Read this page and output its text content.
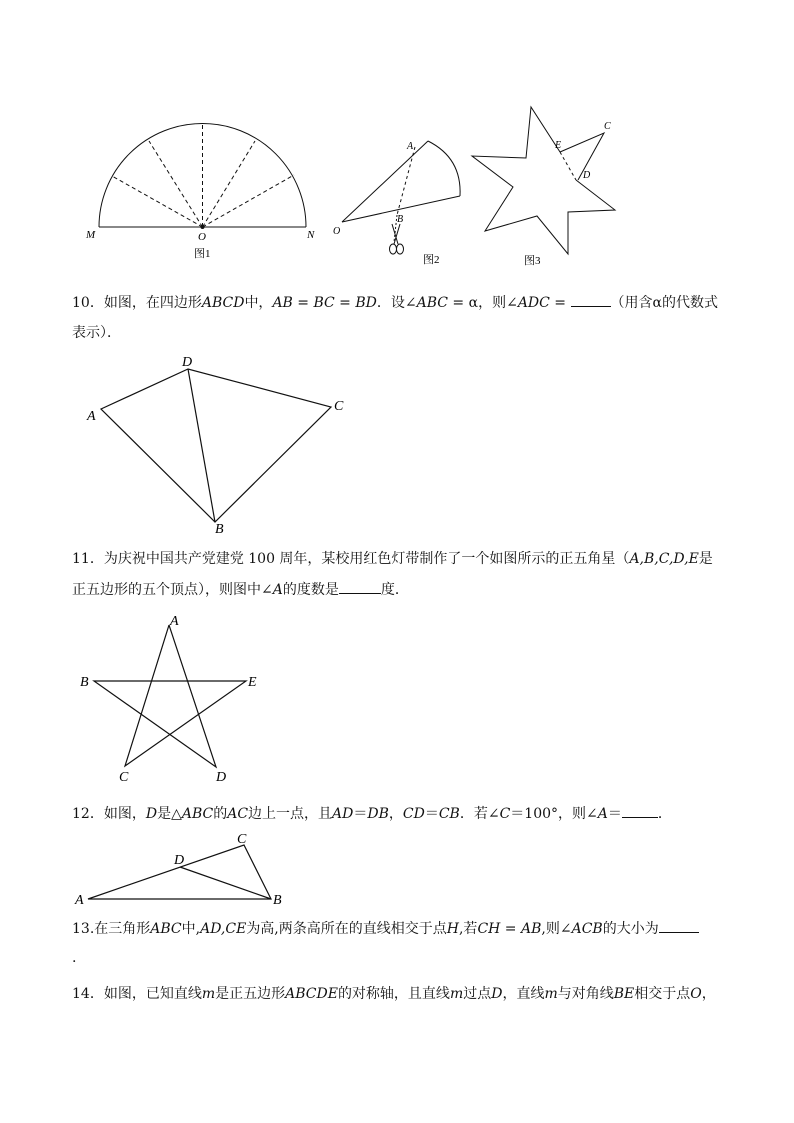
M	O	N
图1
A
B
O
图2
C
E
D
图3
10．如图，在四边形ABCD中，AB = BC = BD．设∠ABC = α，则∠ADC =	（用含α的代数式
表示）．
D
A
C
B
11．为庆祝中国共产党建党 100 周年，某校用红色灯带制作了一个如图所示的正五角星（A,B,C,D,E是
正五边形的五个顶点），则图中∠A的度数是	度．
A
B	E
C	D
12．如图，D是△ABC的AC边上一点，且AD＝DB，CD＝CB．若∠C＝100°，则∠A＝	．
C
D
A	B
13.在三角形ABC中,AD,CE为高,两条高所在的直线相交于点H,若CH = AB,则∠ACB的大小为
.
14．如图，已知直线m是正五边形ABCDE的对称轴，且直线m过点D，直线m与对角线BE相交于点O，
